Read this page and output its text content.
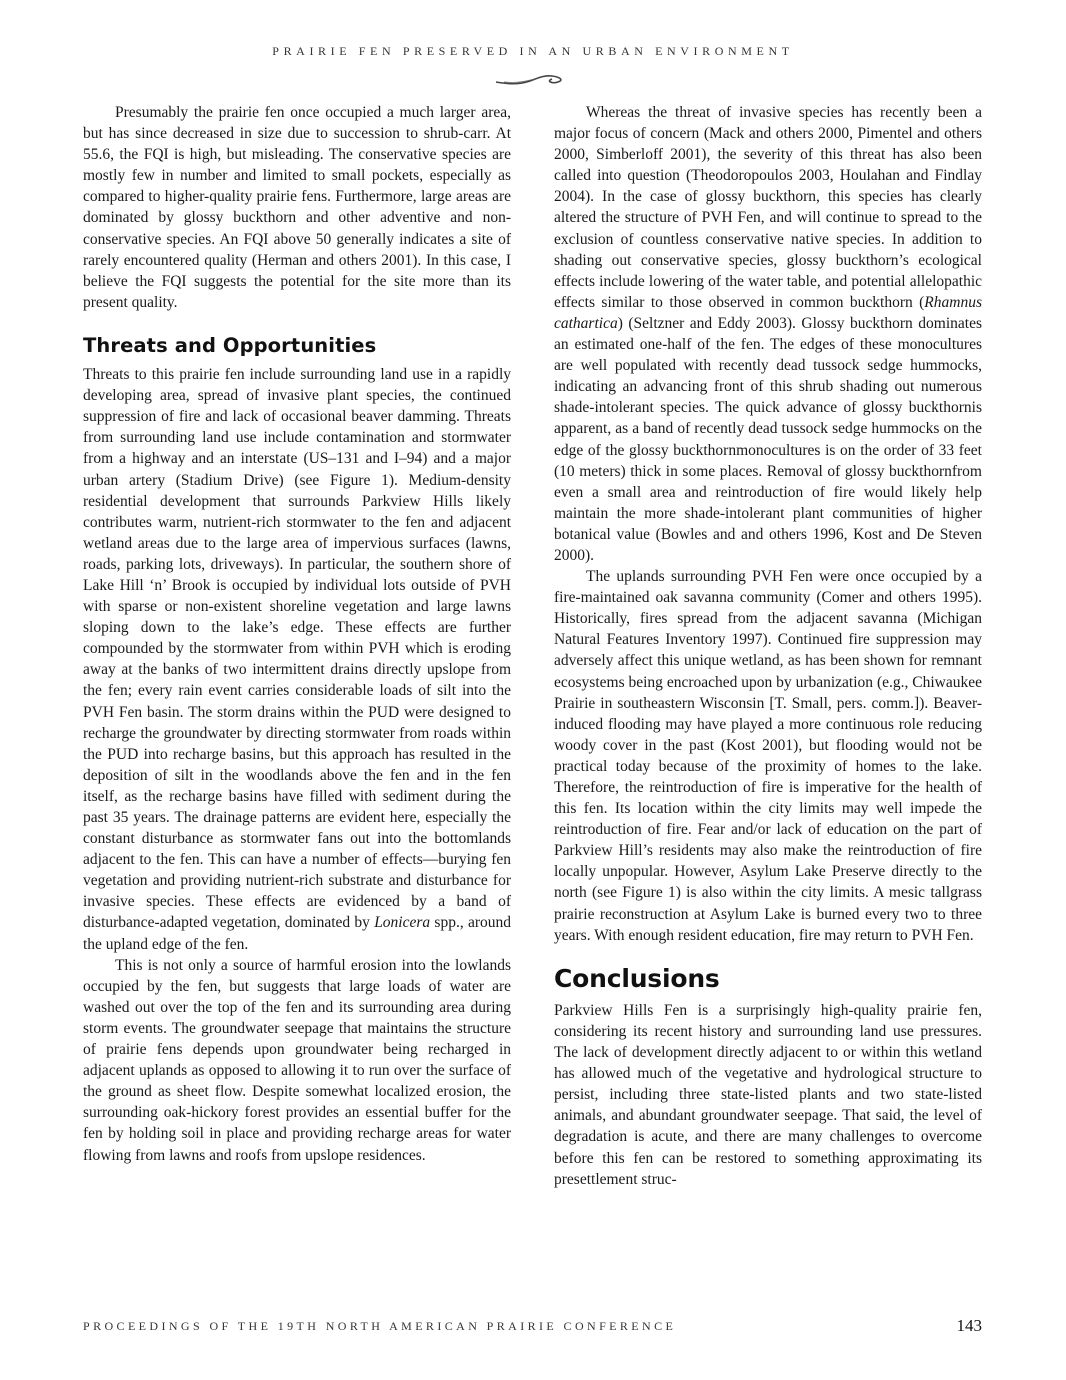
PRAIRIE FEN PRESERVED IN AN URBAN ENVIRONMENT

Presumably the prairie fen once occupied a much larger area, but has since decreased in size due to succession to shrub-carr. At 55.6, the FQI is high, but misleading. The conservative species are mostly few in number and limited to small pockets, especially as compared to higher-quality prairie fens. Furthermore, large areas are dominated by glossy buckthorn and other adventive and non-conservative species. An FQI above 50 generally indicates a site of rarely encountered quality (Herman and others 2001). In this case, I believe the FQI suggests the potential for the site more than its present quality.

Threats and Opportunities

Threats to this prairie fen include surrounding land use in a rapidly developing area, spread of invasive plant species, the continued suppression of fire and lack of occasional beaver damming. Threats from surrounding land use include contamination and stormwater from a highway and an interstate (US–131 and I–94) and a major urban artery (Stadium Drive) (see Figure 1). Medium-density residential development that surrounds Parkview Hills likely contributes warm, nutrient-rich stormwater to the fen and adjacent wetland areas due to the large area of impervious surfaces (lawns, roads, parking lots, driveways). In particular, the southern shore of Lake Hill ‘n’ Brook is occupied by individual lots outside of PVH with sparse or non-existent shoreline vegetation and large lawns sloping down to the lake’s edge. These effects are further compounded by the stormwater from within PVH which is eroding away at the banks of two intermittent drains directly upslope from the fen; every rain event carries considerable loads of silt into the PVH Fen basin. The storm drains within the PUD were designed to recharge the groundwater by directing stormwater from roads within the PUD into recharge basins, but this approach has resulted in the deposition of silt in the woodlands above the fen and in the fen itself, as the recharge basins have filled with sediment during the past 35 years. The drainage patterns are evident here, especially the constant disturbance as stormwater fans out into the bottomlands adjacent to the fen. This can have a number of effects—burying fen vegetation and providing nutrient-rich substrate and disturbance for invasive species. These effects are evidenced by a band of disturbance-adapted vegetation, dominated by Lonicera spp., around the upland edge of the fen.

This is not only a source of harmful erosion into the lowlands occupied by the fen, but suggests that large loads of water are washed out over the top of the fen and its surrounding area during storm events. The groundwater seepage that maintains the structure of prairie fens depends upon groundwater being recharged in adjacent uplands as opposed to allowing it to run over the surface of the ground as sheet flow. Despite somewhat localized erosion, the surrounding oak-hickory forest provides an essential buffer for the fen by holding soil in place and providing recharge areas for water flowing from lawns and roofs from upslope residences.

Whereas the threat of invasive species has recently been a major focus of concern (Mack and others 2000, Pimentel and others 2000, Simberloff 2001), the severity of this threat has also been called into question (Theodoropoulos 2003, Houlahan and Findlay 2004). In the case of glossy buckthorn, this species has clearly altered the structure of PVH Fen, and will continue to spread to the exclusion of countless conservative native species. In addition to shading out conservative species, glossy buckthorn’s ecological effects include lowering of the water table, and potential allelopathic effects similar to those observed in common buckthorn (Rhamnus cathartica) (Seltzner and Eddy 2003). Glossy buckthorn dominates an estimated one-half of the fen. The edges of these monocultures are well populated with recently dead tussock sedge hummocks, indicating an advancing front of this shrub shading out numerous shade-intolerant species. The quick advance of glossy buckthornis apparent, as a band of recently dead tussock sedge hummocks on the edge of the glossy buckthornmonocultures is on the order of 33 feet (10 meters) thick in some places. Removal of glossy buckthornfrom even a small area and reintroduction of fire would likely help maintain the more shade-intolerant plant communities of higher botanical value (Bowles and and others 1996, Kost and De Steven 2000).

The uplands surrounding PVH Fen were once occupied by a fire-maintained oak savanna community (Comer and others 1995). Historically, fires spread from the adjacent savanna (Michigan Natural Features Inventory 1997). Continued fire suppression may adversely affect this unique wetland, as has been shown for remnant ecosystems being encroached upon by urbanization (e.g., Chiwaukee Prairie in southeastern Wisconsin [T. Small, pers. comm.]). Beaver-induced flooding may have played a more continuous role reducing woody cover in the past (Kost 2001), but flooding would not be practical today because of the proximity of homes to the lake. Therefore, the reintroduction of fire is imperative for the health of this fen. Its location within the city limits may well impede the reintroduction of fire. Fear and/or lack of education on the part of Parkview Hill’s residents may also make the reintroduction of fire locally unpopular. However, Asylum Lake Preserve directly to the north (see Figure 1) is also within the city limits. A mesic tallgrass prairie reconstruction at Asylum Lake is burned every two to three years. With enough resident education, fire may return to PVH Fen.

Conclusions

Parkview Hills Fen is a surprisingly high-quality prairie fen, considering its recent history and surrounding land use pressures. The lack of development directly adjacent to or within this wetland has allowed much of the vegetative and hydrological structure to persist, including three state-listed plants and two state-listed animals, and abundant groundwater seepage. That said, the level of degradation is acute, and there are many challenges to overcome before this fen can be restored to something approximating its presettlement struc-

PROCEEDINGS OF THE 19TH NORTH AMERICAN PRAIRIE CONFERENCE	143
